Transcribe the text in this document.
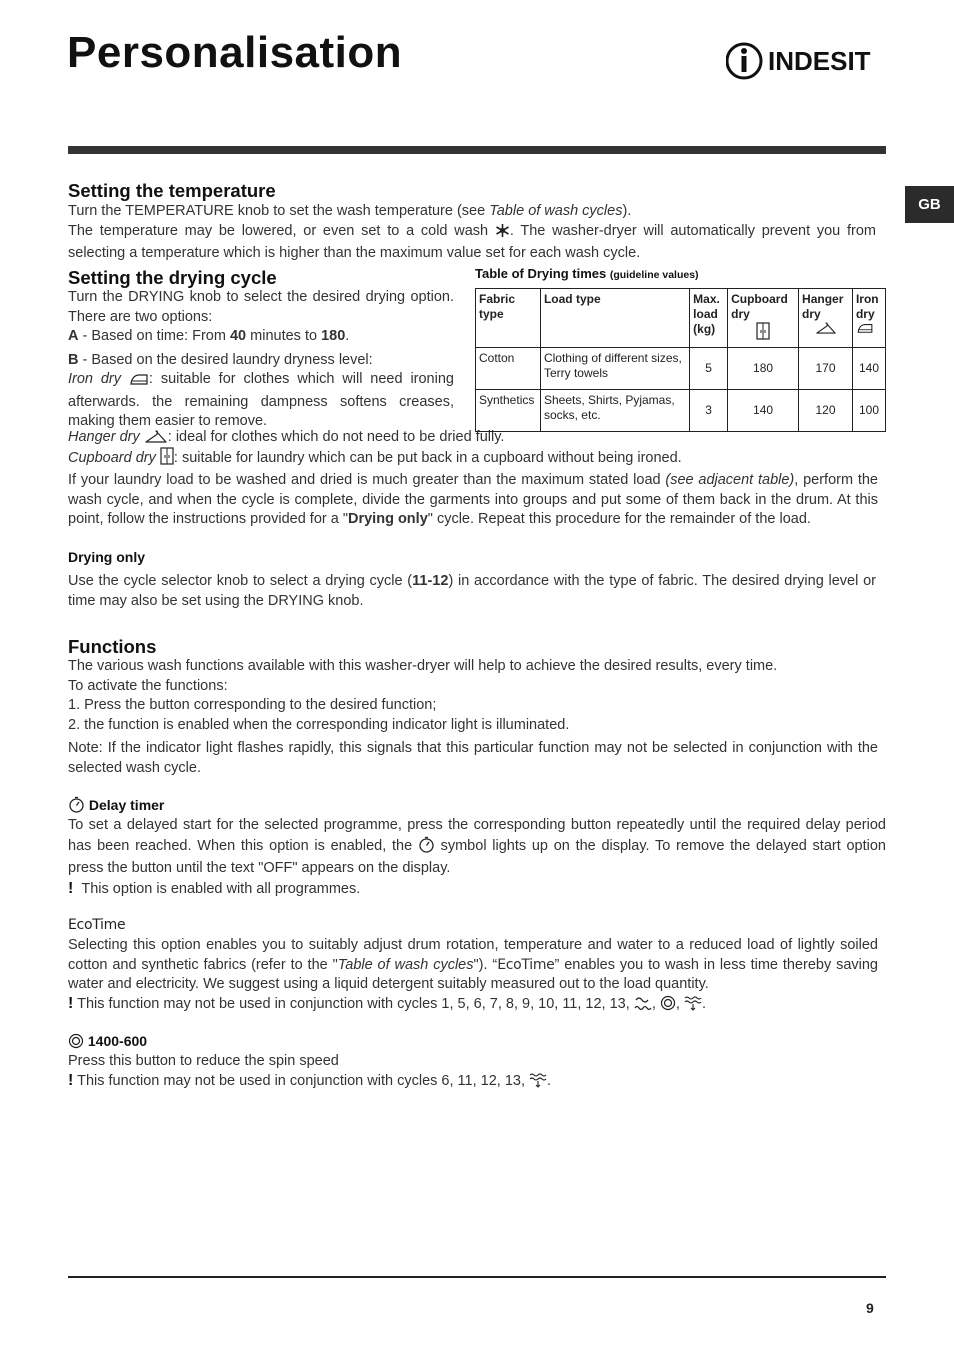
Personalisation	INDESIT
GB
Setting the temperature
Turn the TEMPERATURE knob to set the wash temperature (see Table of wash cycles).
The temperature may be lowered, or even set to a cold wash . The washer-dryer will automatically prevent you from selecting a temperature which is higher than the maximum value set for each wash cycle.
Setting the drying cycle
Turn the DRYING knob to select the desired drying option. There are two options:
A - Based on time: From 40 minutes to 180.
B - Based on the desired laundry dryness level:
Iron dry : suitable for clothes which will need ironing afterwards. the remaining dampness softens creases, making them easier to remove.
Hanger dry : ideal for clothes which do not need to be dried fully.
Cupboard dry : suitable for laundry which can be put back in a cupboard without being ironed.
If your laundry load to be washed and dried is much greater than the maximum stated load (see adjacent table), perform the wash cycle, and when the cycle is complete, divide the garments into groups and put some of them back in the drum. At this point, follow the instructions provided for a "Drying only" cycle. Repeat this procedure for the remainder of the load.
Drying only
Use the cycle selector knob to select a drying cycle (11-12) in accordance with the type of fabric. The desired drying level or time may also be set using the DRYING knob.
Table of Drying times (guideline values)
Fabric type	Load type	Max. load (kg)	Cupboard dry	Hanger dry	Iron dry

Cotton	Clothing of different sizes, Terry towels	5	180	170	140
Synthetics	Sheets, Shirts, Pyjamas, socks, etc.	3	140	120	100
Functions
The various wash functions available with this washer-dryer will help to achieve the desired results, every time.
To activate the functions:
1. Press the button corresponding to the desired function;
2. the function is enabled when the corresponding indicator light is illuminated.
Note: If the indicator light flashes rapidly, this signals that this particular function may not be selected in conjunction with the selected wash cycle.
Delay timer
To set a delayed start for the selected programme, press the corresponding button repeatedly until the required delay period has been reached. When this option is enabled, the  symbol lights up on the display. To remove the delayed start option press the button until the text "OFF" appears on the display.
! This option is enabled with all programmes.
EcoTime
Selecting this option enables you to suitably adjust drum rotation, temperature and water to a reduced load of lightly soiled cotton and synthetic fabrics (refer to the "Table of wash cycles"). “EcoTime” enables you to wash in less time thereby saving water and electricity. We suggest using a liquid detergent suitably measured out to the load quantity.
! This function may not be used in conjunction with cycles 1, 5, 6, 7, 8, 9, 10, 11, 12, 13, , , .
1400-600
Press this button to reduce the spin speed
! This function may not be used in conjunction with cycles 6, 11, 12, 13, .
9
